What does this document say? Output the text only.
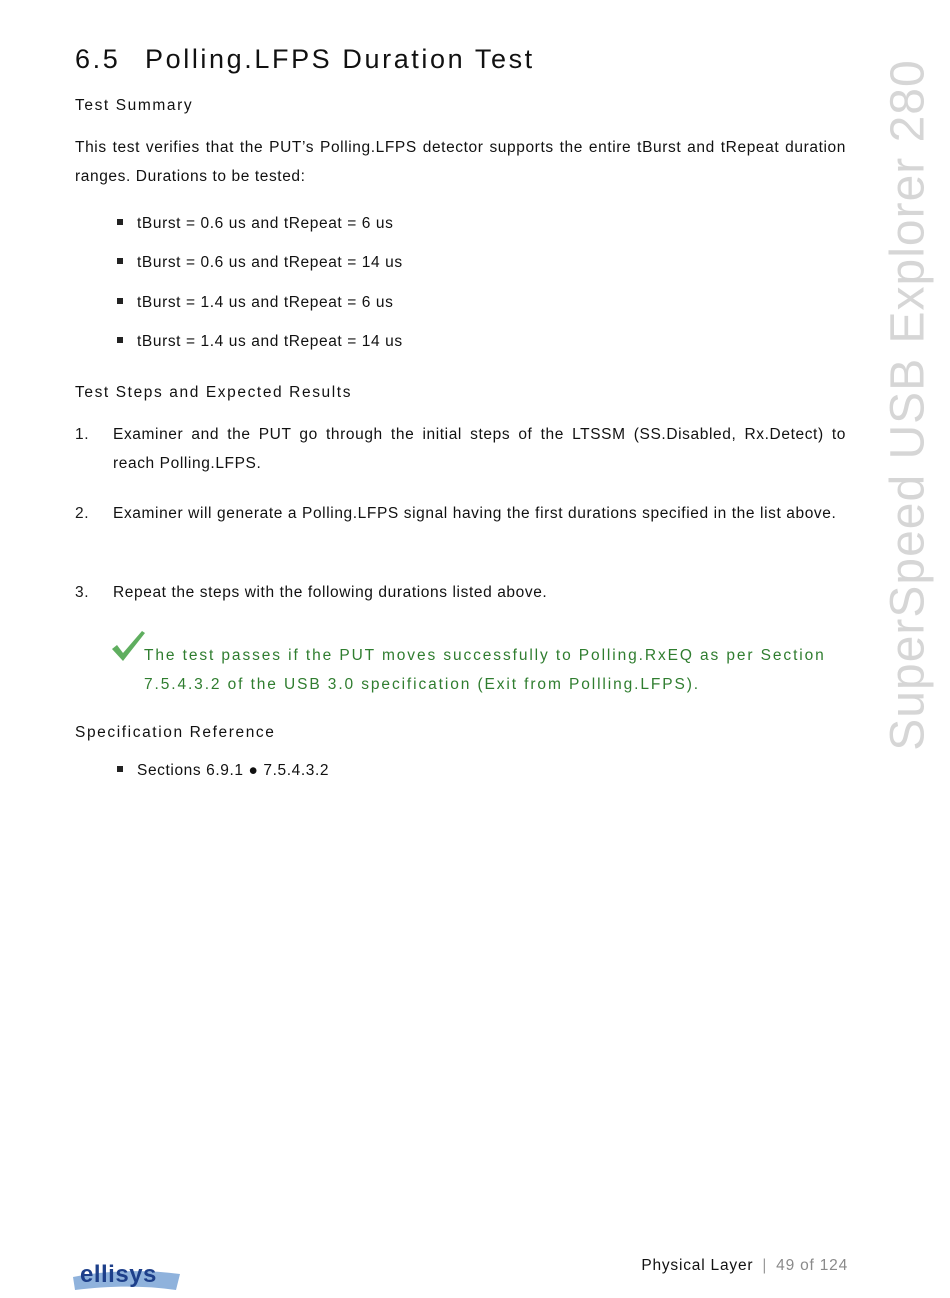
6.5 Polling.LFPS Duration Test
Test Summary

This test verifies that the PUT’s Polling.LFPS detector supports the entire tBurst and tRepeat duration ranges. Durations to be tested:

tBurst = 0.6 us and tRepeat = 6 us
tBurst = 0.6 us and tRepeat = 14 us
tBurst = 1.4 us and tRepeat = 6 us
tBurst = 1.4 us and tRepeat = 14 us
Test Steps and Expected Results
1. Examiner and the PUT go through the initial steps of the LTSSM (SS.Disabled, Rx.Detect) to reach Polling.LFPS.

2. Examiner will generate a Polling.LFPS signal having the first durations specified in the list above.

3. Repeat the steps with the following durations listed above.

The test passes if the PUT moves successfully to Polling.RxEQ as per Section 7.5.4.3.2 of the USB 3.0 specification (Exit from Pollling.LFPS).

Specification Reference
Sections 6.9.1 ● 7.5.4.3.2
SuperSpeed USB Explorer 280
ellisys	Physical Layer | 49 of 124
